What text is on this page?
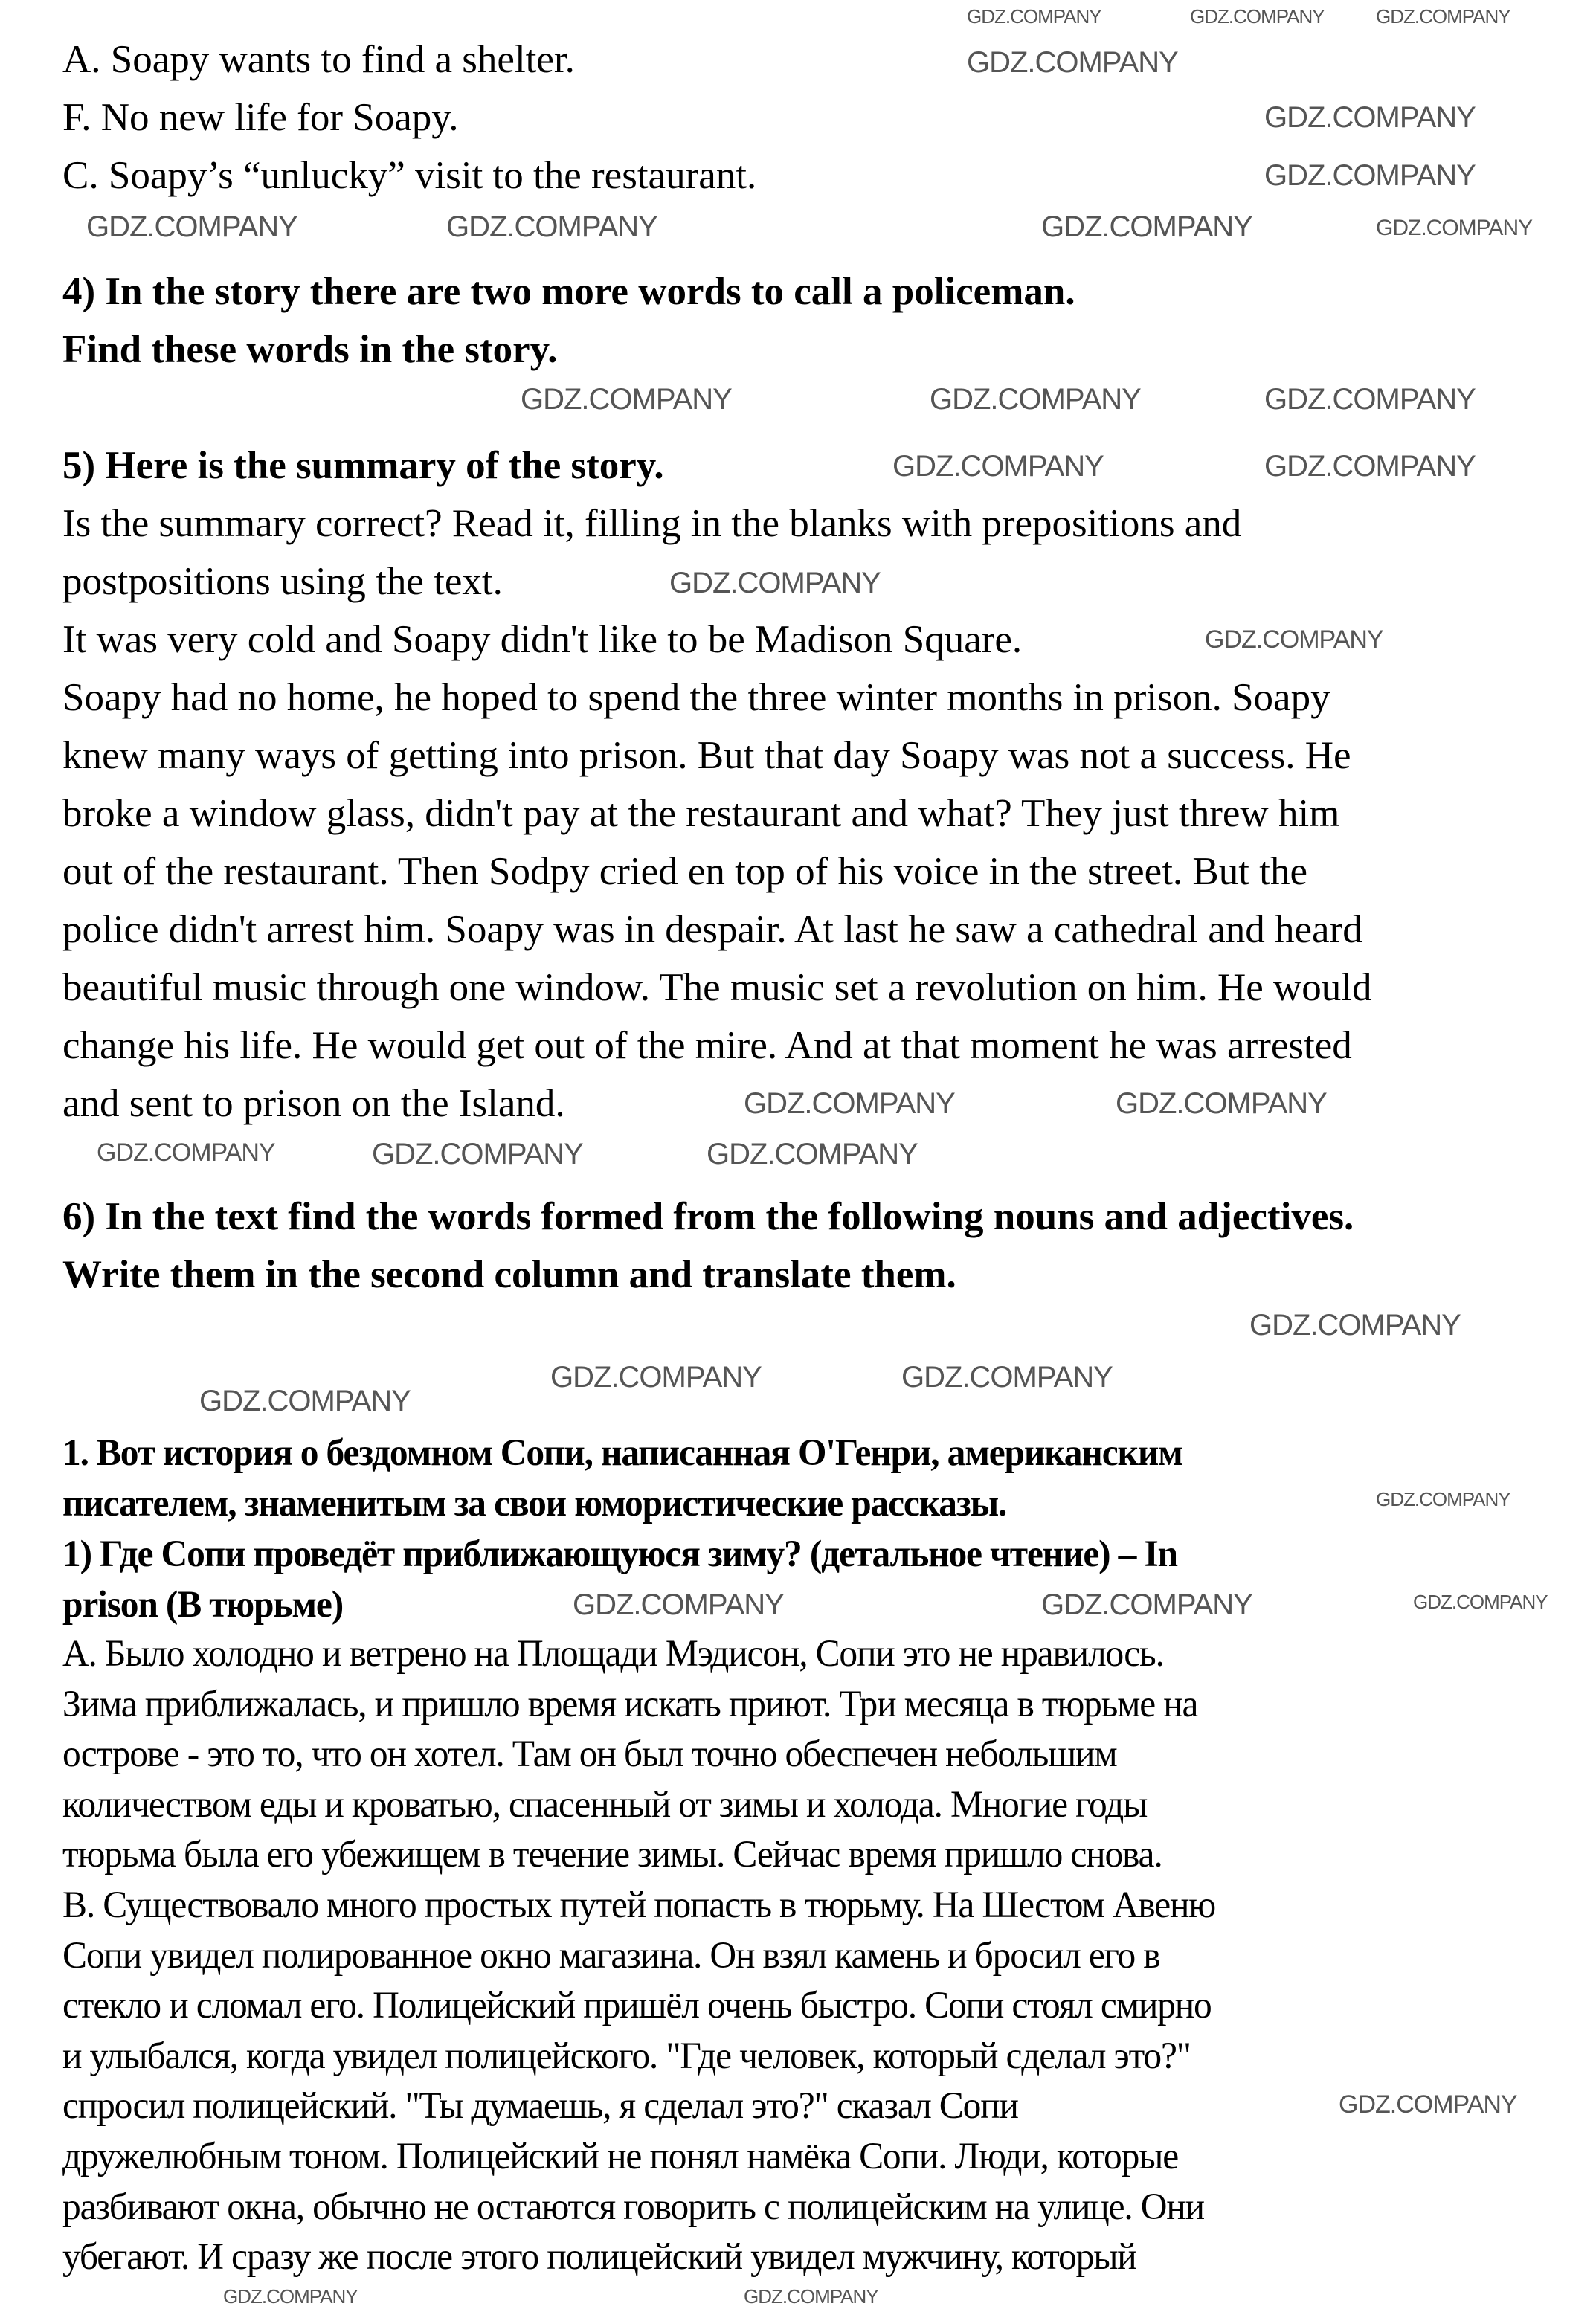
A. Soapy wants to find a shelter.
F. No new life for Soapy.
C. Soapy’s “unlucky” visit to the restaurant.
4) In the story there are two more words to call a policeman.
Find these words in the story.
5) Here is the summary of the story.
Is the summary correct? Read it, filling in the blanks with prepositions and
postpositions using the text.
It was very cold and Soapy didn't like to be Madison Square.
Soapy had no home, he hoped to spend the three winter months in prison. Soapy
knew many ways of getting into prison. But that day Soapy was not a success. He
broke a window glass, didn't pay at the restaurant and what? They just threw him
out of the restaurant. Then Sodpy cried en top of his voice in the street. But the
police didn't arrest him. Soapy was in despair. At last he saw a cathedral and heard
beautiful music through one window. The music set a revolution on him. He would
change his life. He would get out of the mire. And at that moment he was arrested
and sent to prison on the Island.
6) In the text find the words formed from the following nouns and adjectives.
Write them in the second column and translate them.
1. Вот история о бездомном Сопи, написанная О'Генри, американским
писателем, знаменитым за свои юмористические рассказы.
1) Где Сопи проведёт приближающуюся зиму? (детальное чтение) – In
prison (В тюрьме)
А. Было холодно и ветрено на Площади Мэдисон, Сопи это не нравилось.
Зима приближалась, и пришло время искать приют. Три месяца в тюрьме на
острове - это то, что он хотел. Там он был точно обеспечен небольшим
количеством еды и кроватью, спасенный от зимы и холода. Многие годы
тюрьма была его убежищем в течение зимы. Сейчас время пришло снова.
В. Существовало много простых путей попасть в тюрьму. На Шестом Авеню
Сопи увидел полированное окно магазина. Он взял камень и бросил его в
стекло и сломал его. Полицейский пришёл очень быстро. Сопи стоял смирно
и улыбался, когда увидел полицейского. "Где человек, который сделал это?"
спросил полицейский. "Ты думаешь, я сделал это?" сказал Сопи
дружелюбным тоном. Полицейский не понял намёка Сопи. Люди, которые
разбивают окна, обычно не остаются говорить с полицейским на улице. Они
убегают. И сразу же после этого полицейский увидел мужчину, который
GDZ.COMPANY	GDZ.COMPANY	GDZ.COMPANY
GDZ.COMPANY
GDZ.COMPANY
GDZ.COMPANY
GDZ.COMPANY	GDZ.COMPANY	GDZ.COMPANY	GDZ.COMPANY
GDZ.COMPANY	GDZ.COMPANY	GDZ.COMPANY
GDZ.COMPANY	GDZ.COMPANY
GDZ.COMPANY
GDZ.COMPANY
GDZ.COMPANY	GDZ.COMPANY
GDZ.COMPANY	GDZ.COMPANY	GDZ.COMPANY
GDZ.COMPANY
GDZ.COMPANY	GDZ.COMPANY
GDZ.COMPANY
GDZ.COMPANY
GDZ.COMPANY	GDZ.COMPANY	GDZ.COMPANY
GDZ.COMPANY
GDZ.COMPANY	GDZ.COMPANY
